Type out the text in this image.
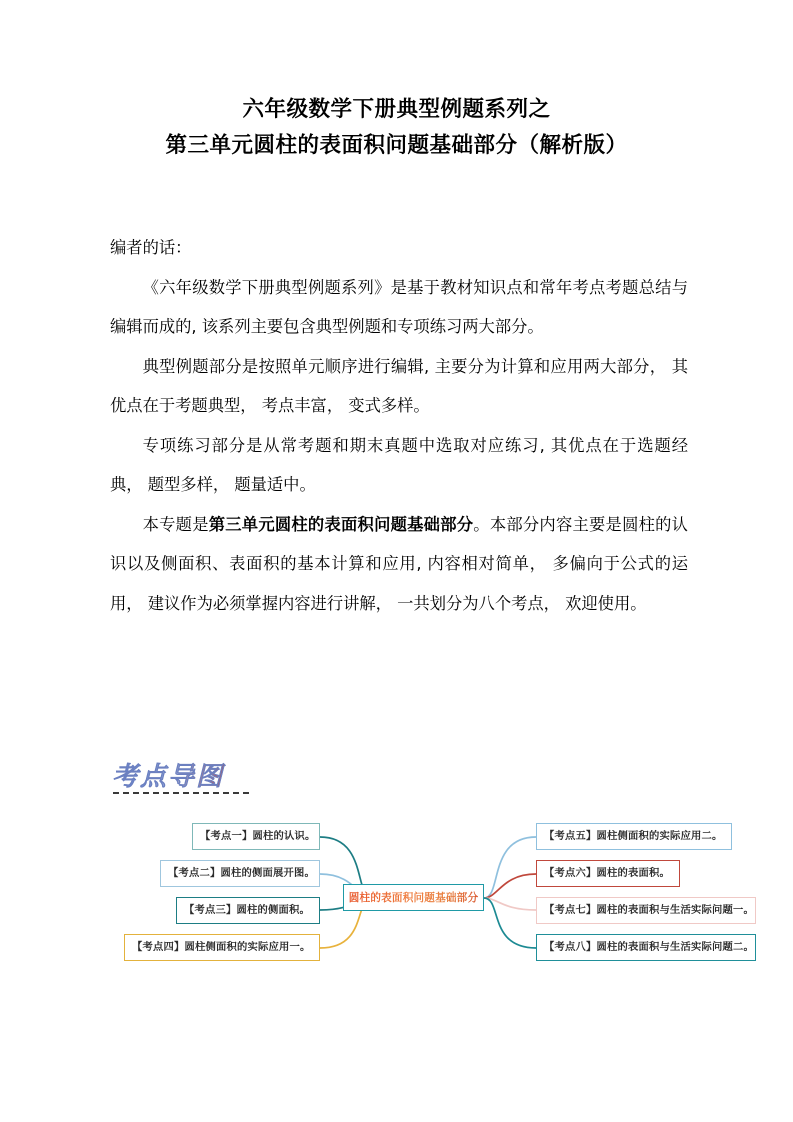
六年级数学下册典型例题系列之
第三单元圆柱的表面积问题基础部分（解析版）

编者的话：

《六年级数学下册典型例题系列》是基于教材知识点和常年考点考题总结与编辑而成的, 该系列主要包含典型例题和专项练习两大部分。

典型例题部分是按照单元顺序进行编辑, 主要分为计算和应用两大部分， 其优点在于考题典型， 考点丰富， 变式多样。

专项练习部分是从常考题和期末真题中选取对应练习, 其优点在于选题经典， 题型多样， 题量适中。

本专题是第三单元圆柱的表面积问题基础部分。本部分内容主要是圆柱的认识以及侧面积、表面积的基本计算和应用, 内容相对简单， 多偏向于公式的运用， 建议作为必须掌握内容进行讲解， 一共划分为八个考点， 欢迎使用。

考点导图
【考点一】圆柱的认识。
【考点二】圆柱的侧面展开图。
【考点三】圆柱的侧面积。
【考点四】圆柱侧面积的实际应用一。
圆柱的表面积问题基础部分
【考点五】圆柱侧面积的实际应用二。
【考点六】圆柱的表面积。
【考点七】圆柱的表面积与生活实际问题一。
【考点八】圆柱的表面积与生活实际问题二。
